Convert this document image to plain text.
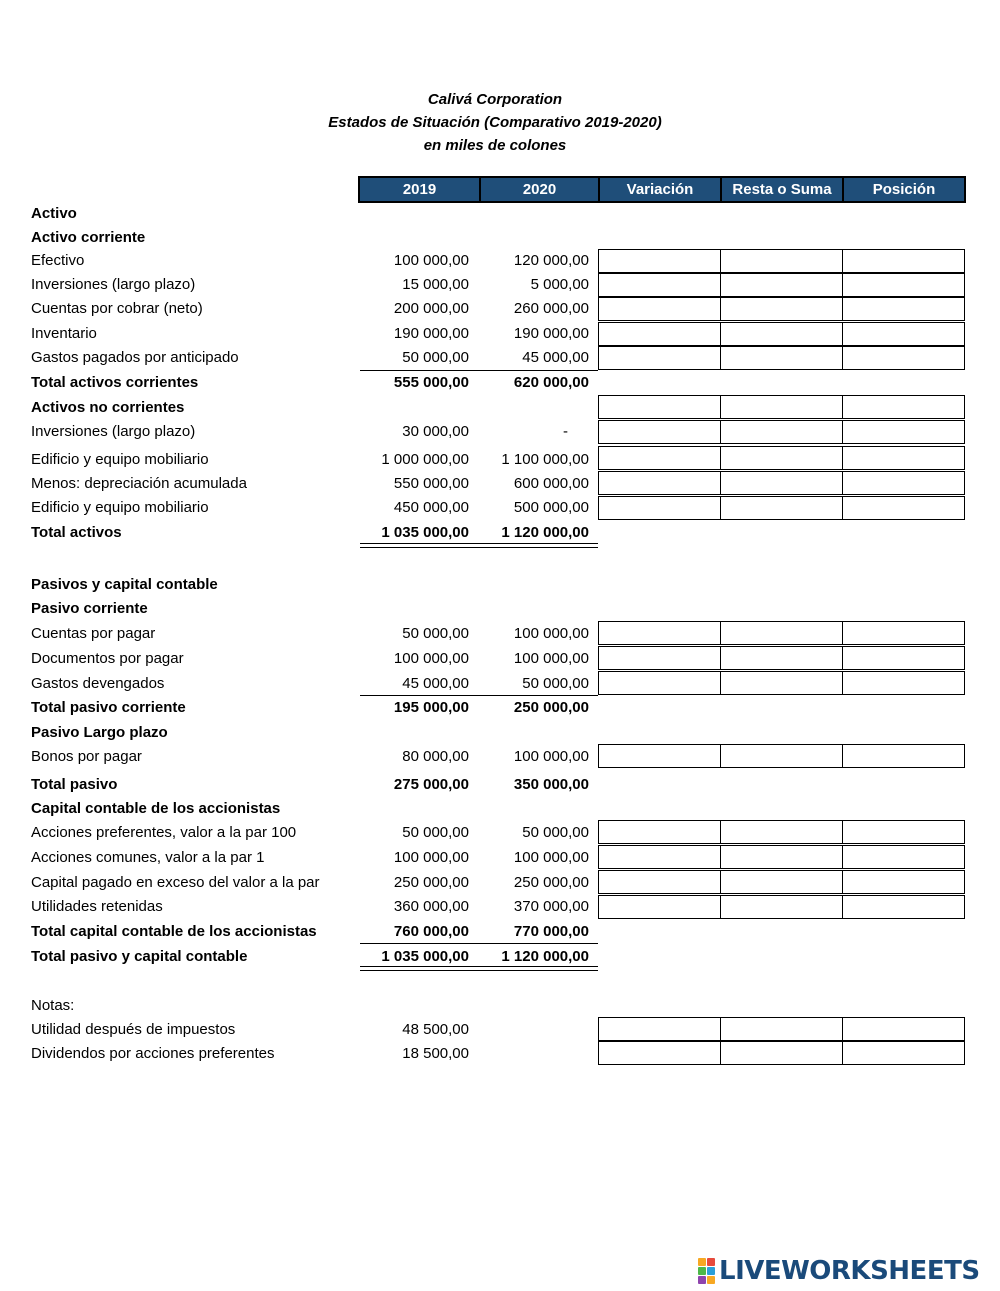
Calivá Corporation
Estados de Situación (Comparativo 2019-2020)
en miles de colones
2019	2020	Variación	Resta o Suma	Posición
Activo
Activo corriente
Efectivo	100 000,00	120 000,00
Inversiones (largo plazo)	15 000,00	5 000,00
Cuentas por cobrar (neto)	200 000,00	260 000,00
Inventario	190 000,00	190 000,00
Gastos pagados por anticipado	50 000,00	45 000,00
Total activos corrientes	555 000,00	620 000,00
Activos no corrientes
Inversiones (largo plazo)	30 000,00	-
Edificio y equipo mobiliario	1 000 000,00	1 100 000,00
Menos: depreciación acumulada	550 000,00	600 000,00
Edificio y equipo mobiliario	450 000,00	500 000,00
Total activos	1 035 000,00	1 120 000,00
Pasivos y capital contable
Pasivo corriente
Cuentas por pagar	50 000,00	100 000,00
Documentos por pagar	100 000,00	100 000,00
Gastos devengados	45 000,00	50 000,00
Total pasivo corriente	195 000,00	250 000,00
Pasivo Largo plazo
Bonos por pagar	80 000,00	100 000,00
Total pasivo	275 000,00	350 000,00
Capital contable de los accionistas
Acciones preferentes, valor a la par 100	50 000,00	50 000,00
Acciones comunes, valor a la par 1	100 000,00	100 000,00
Capital pagado en exceso del valor a la par	250 000,00	250 000,00
Utilidades retenidas	360 000,00	370 000,00
Total capital contable de los accionistas	760 000,00	770 000,00
Total pasivo y capital contable	1 035 000,00	1 120 000,00
Notas:
Utilidad después de impuestos	48 500,00
Dividendos por acciones preferentes	18 500,00
LIVEWORKSHEETS
